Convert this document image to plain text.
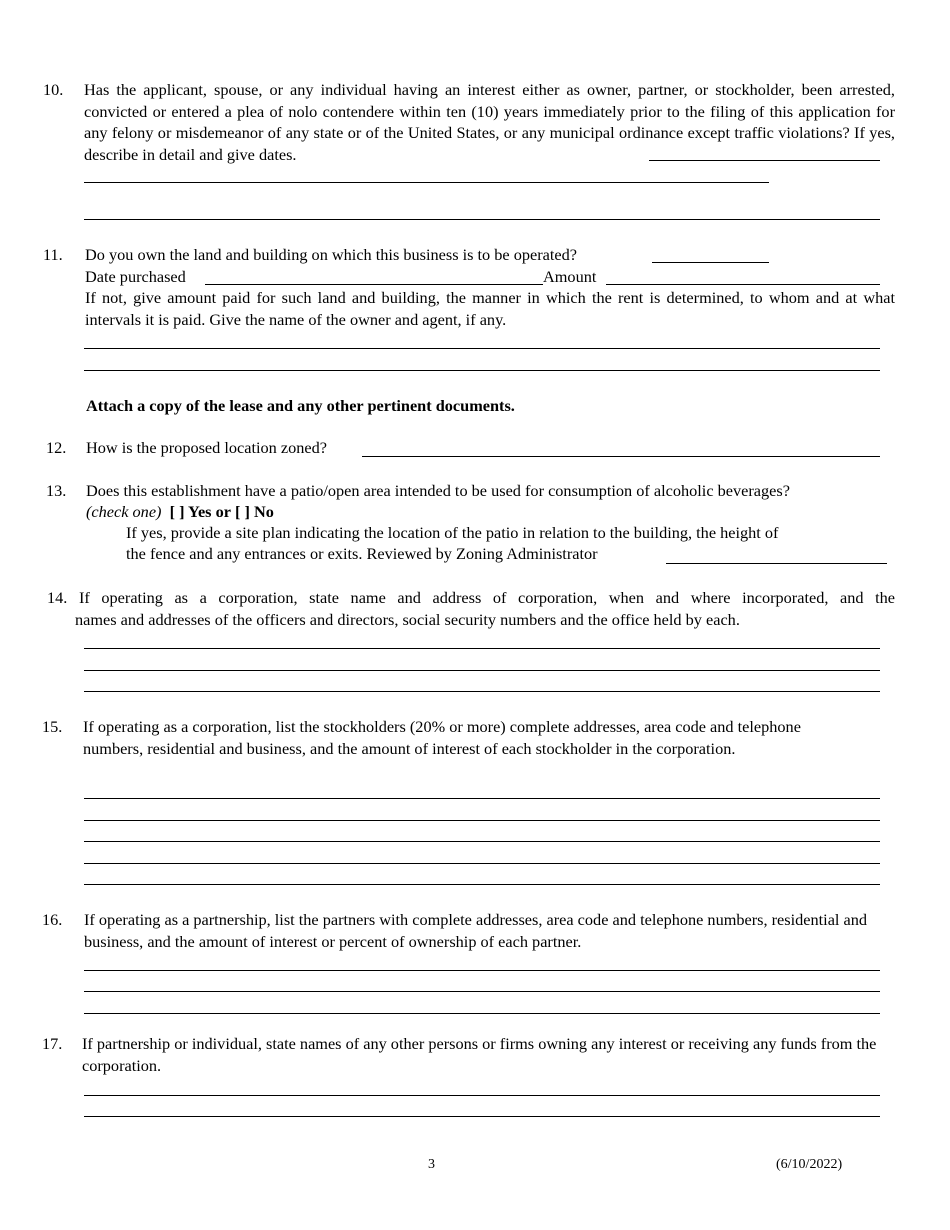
10. Has the applicant, spouse, or any individual having an interest either as owner, partner, or stockholder, been arrested, convicted or entered a plea of nolo contendere within ten (10) years immediately prior to the filing of this application for any felony or misdemeanor of any state or of the United States, or any municipal ordinance except traffic violations? If yes, describe in detail and give dates.
11. Do you own the land and building on which this business is to be operated?
Date purchased	Amount
If not, give amount paid for such land and building, the manner in which the rent is determined, to whom and at what intervals it is paid. Give the name of the owner and agent, if any.
Attach a copy of the lease and any other pertinent documents.
12. How is the proposed location zoned?
13. Does this establishment have a patio/open area intended to be used for consumption of alcoholic beverages?
(check one) [ ] Yes or [ ] No
If yes, provide a site plan indicating the location of the patio in relation to the building, the height of
the fence and any entrances or exits. Reviewed by Zoning Administrator
14. If operating as a corporation, state name and address of corporation, when and where incorporated, and the
names and addresses of the officers and directors, social security numbers and the office held by each.
15. If operating as a corporation, list the stockholders (20% or more) complete addresses, area code and telephone numbers, residential and business, and the amount of interest of each stockholder in the corporation.
16. If operating as a partnership, list the partners with complete addresses, area code and telephone numbers, residential and business, and the amount of interest or percent of ownership of each partner.
17. If partnership or individual, state names of any other persons or firms owning any interest or receiving any funds from the corporation.
3	(6/10/2022)
